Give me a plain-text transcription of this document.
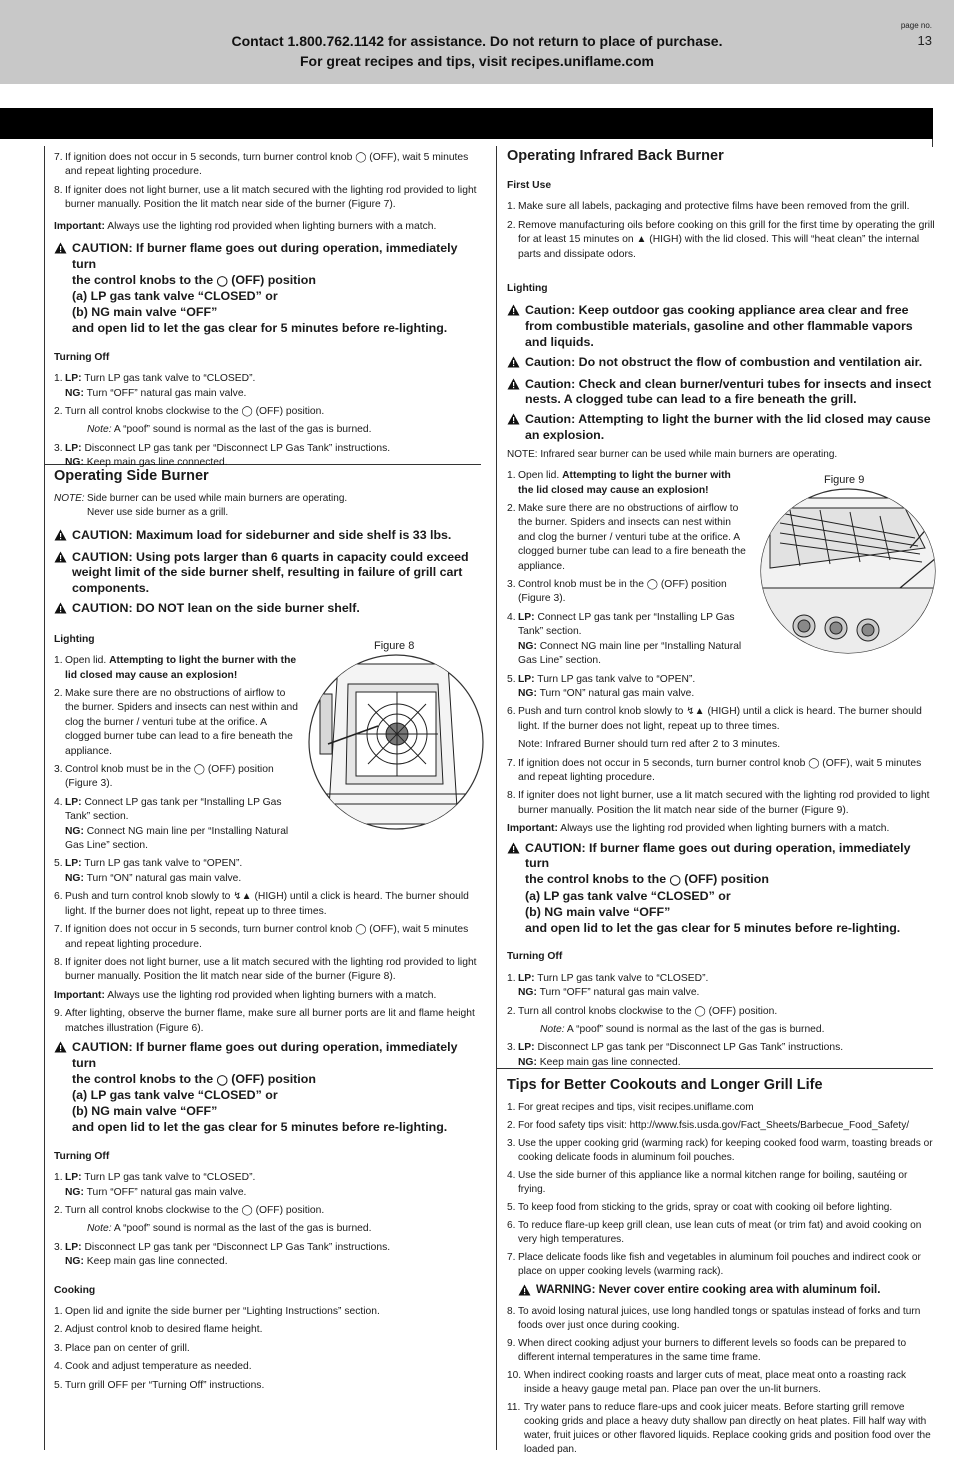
Contact 1.800.762.1142 for assistance. Do not return to place of purchase.
For great recipes and tips, visit recipes.uniflame.com
page no.
13
7. If ignition does not occur in 5 seconds, turn burner control knob ◯ (OFF), wait 5 minutes and repeat lighting procedure.
8. If igniter does not light burner, use a lit match secured with the lighting rod provided to light burner manually. Position the lit match near side of the burner (Figure 7).

Important: Always use the lighting rod provided when lighting burners with a match.

CAUTION: If burner flame goes out during operation, immediately turn
the control knobs to the ◯ (OFF) position
(a) LP gas tank valve “CLOSED” or
(b) NG main valve “OFF”
and open lid to let the gas clear for 5 minutes before re-lighting.

Turning Off

1. LP: Turn LP gas tank valve to “CLOSED”.
NG: Turn “OFF” natural gas main valve.
2. Turn all control knobs clockwise to the ◯ (OFF) position.

Note: A “poof” sound is normal as the last of the gas is burned.

3. LP: Disconnect LP gas tank per “Disconnect LP Gas Tank” instructions.
NG: Keep main gas line connected.

Operating Side Burner

NOTE: Side burner can be used while main burners are operating.
Never use side burner as a grill.
CAUTION: Maximum load for sideburner and side shelf is 33 lbs.
CAUTION: Using pots larger than 6 quarts in capacity could exceed weight limit of the side burner shelf, resulting in failure of grill cart components.
CAUTION: DO NOT lean on the side burner shelf.

Lighting

1. Open lid. Attempting to light the burner with the lid closed may cause an explosion!
2. Make sure there are no obstructions of airflow to the burner. Spiders and insects can nest within and clog the burner / venturi tube at the orifice. A clogged burner tube can lead to a fire beneath the appliance.
3. Control knob must be in the ◯ (OFF) position (Figure 3).
4. LP: Connect LP gas tank per “Installing LP Gas Tank” section.
NG: Connect NG main line per “Installing Natural Gas Line” section.
5. LP: Turn LP gas tank valve to “OPEN”.
NG: Turn “ON” natural gas main valve.
6. Push and turn control knob slowly to ↯▲ (HIGH) until a click is heard. The burner should light. If the burner does not light, repeat up to three times.
7. If ignition does not occur in 5 seconds, turn burner control knob ◯ (OFF), wait 5 minutes and repeat lighting procedure.
8. If igniter does not light burner, use a lit match secured with the lighting rod provided to light burner manually. Position the lit match near side of the burner (Figure 8).

Important: Always use the lighting rod provided when lighting burners with a match.

9. After lighting, observe the burner flame, make sure all burner ports are lit and flame height matches illustration (Figure 6).
CAUTION: If burner flame goes out during operation, immediately turn
the control knobs to the ◯ (OFF) position
(a) LP gas tank valve “CLOSED” or
(b) NG main valve “OFF”
and open lid to let the gas clear for 5 minutes before re-lighting.

Turning Off

1. LP: Turn LP gas tank valve to “CLOSED”.
NG: Turn “OFF” natural gas main valve.
2. Turn all control knobs clockwise to the ◯ (OFF) position.

Note: A “poof” sound is normal as the last of the gas is burned.

3. LP: Disconnect LP gas tank per “Disconnect LP Gas Tank” instructions.
NG: Keep main gas line connected.

Cooking

1. Open lid and ignite the side burner per “Lighting Instructions” section.
2. Adjust control knob to desired flame height.
3. Place pan on center of grill.
4. Cook and adjust temperature as needed.
5. Turn grill OFF per “Turning Off” instructions.
Figure 8

Operating Infrared Back Burner

First Use

1. Make sure all labels, packaging and protective films have been removed from the grill.
2. Remove manufacturing oils before cooking on this grill for the first time by operating the grill for at least 15 minutes on ▲ (HIGH) with the lid closed. This will “heat clean” the internal parts and dissipate odors.

Lighting

Caution: Keep outdoor gas cooking appliance area clear and free from combustible materials, gasoline and other flammable vapors and liquids.
Caution: Do not obstruct the flow of combustion and ventilation air.
Caution: Check and clean burner/venturi tubes for insects and insect nests. A clogged tube can lead to a fire beneath the grill.
Caution: Attempting to light the burner with the lid closed may cause an explosion.

NOTE: Infrared sear burner can be used while main burners are operating.

1. Open lid. Attempting to light the burner with the lid closed may cause an explosion!
2. Make sure there are no obstructions of airflow to the burner. Spiders and insects can nest within and clog the burner / venturi tube at the orifice. A clogged burner tube can lead to a fire beneath the appliance.
3. Control knob must be in the ◯ (OFF) position (Figure 3).
4. LP: Connect LP gas tank per “Installing LP Gas Tank” section.
NG: Connect NG main line per “Installing Natural Gas Line” section.
5. LP: Turn LP gas tank valve to “OPEN”.
NG: Turn “ON” natural gas main valve.
6. Push and turn control knob slowly to ↯▲ (HIGH) until a click is heard. The burner should light. If the burner does not light, repeat up to three times.

Note: Infrared Burner should turn red after 2 to 3 minutes.

7. If ignition does not occur in 5 seconds, turn burner control knob ◯ (OFF), wait 5 minutes and repeat lighting procedure.
8. If igniter does not light burner, use a lit match secured with the lighting rod provided to light burner manually. Position the lit match near side of the burner (Figure 9).

Important: Always use the lighting rod provided when lighting burners with a match.

CAUTION: If burner flame goes out during operation, immediately turn
the control knobs to the ◯ (OFF) position
(a) LP gas tank valve “CLOSED” or
(b) NG main valve “OFF”
and open lid to let the gas clear for 5 minutes before re-lighting.

Turning Off

1. LP: Turn LP gas tank valve to “CLOSED”.
NG: Turn “OFF” natural gas main valve.
2. Turn all control knobs clockwise to the ◯ (OFF) position.

Note: A “poof” sound is normal as the last of the gas is burned.

3. LP: Disconnect LP gas tank per “Disconnect LP Gas Tank” instructions.
NG: Keep main gas line connected.
Figure 9

Tips for Better Cookouts and Longer Grill Life

1. For great recipes and tips, visit recipes.uniflame.com
2. For food safety tips visit: http://www.fsis.usda.gov/Fact_Sheets/Barbecue_Food_Safety/
3. Use the upper cooking grid (warming rack) for keeping cooked food warm, toasting breads or cooking delicate foods in aluminum foil pouches.
4. Use the side burner of this appliance like a normal kitchen range for boiling, sautéing or frying.
5. To keep food from sticking to the grids, spray or coat with cooking oil before lighting.
6. To reduce flare-up keep grill clean, use lean cuts of meat (or trim fat) and avoid cooking on very high temperatures.
7. Place delicate foods like fish and vegetables in aluminum foil pouches and indirect cook or place on upper cooking levels (warming rack).
WARNING: Never cover entire cooking area with aluminum foil.
8. To avoid losing natural juices, use long handled tongs or spatulas instead of forks and turn foods over just once during cooking.
9. When direct cooking adjust your burners to different levels so foods can be prepared to different internal temperatures in the same time frame.
10. When indirect cooking roasts and larger cuts of meat, place meat onto a roasting rack inside a heavy gauge metal pan. Place pan over the un-lit burners.
11. Try water pans to reduce flare-ups and cook juicer meats. Before starting grill remove cooking grids and place a heavy duty shallow pan directly on heat plates. Fill half way with water, fruit juices or other flavored liquids. Replace cooking grids and position food over the loaded pan.
